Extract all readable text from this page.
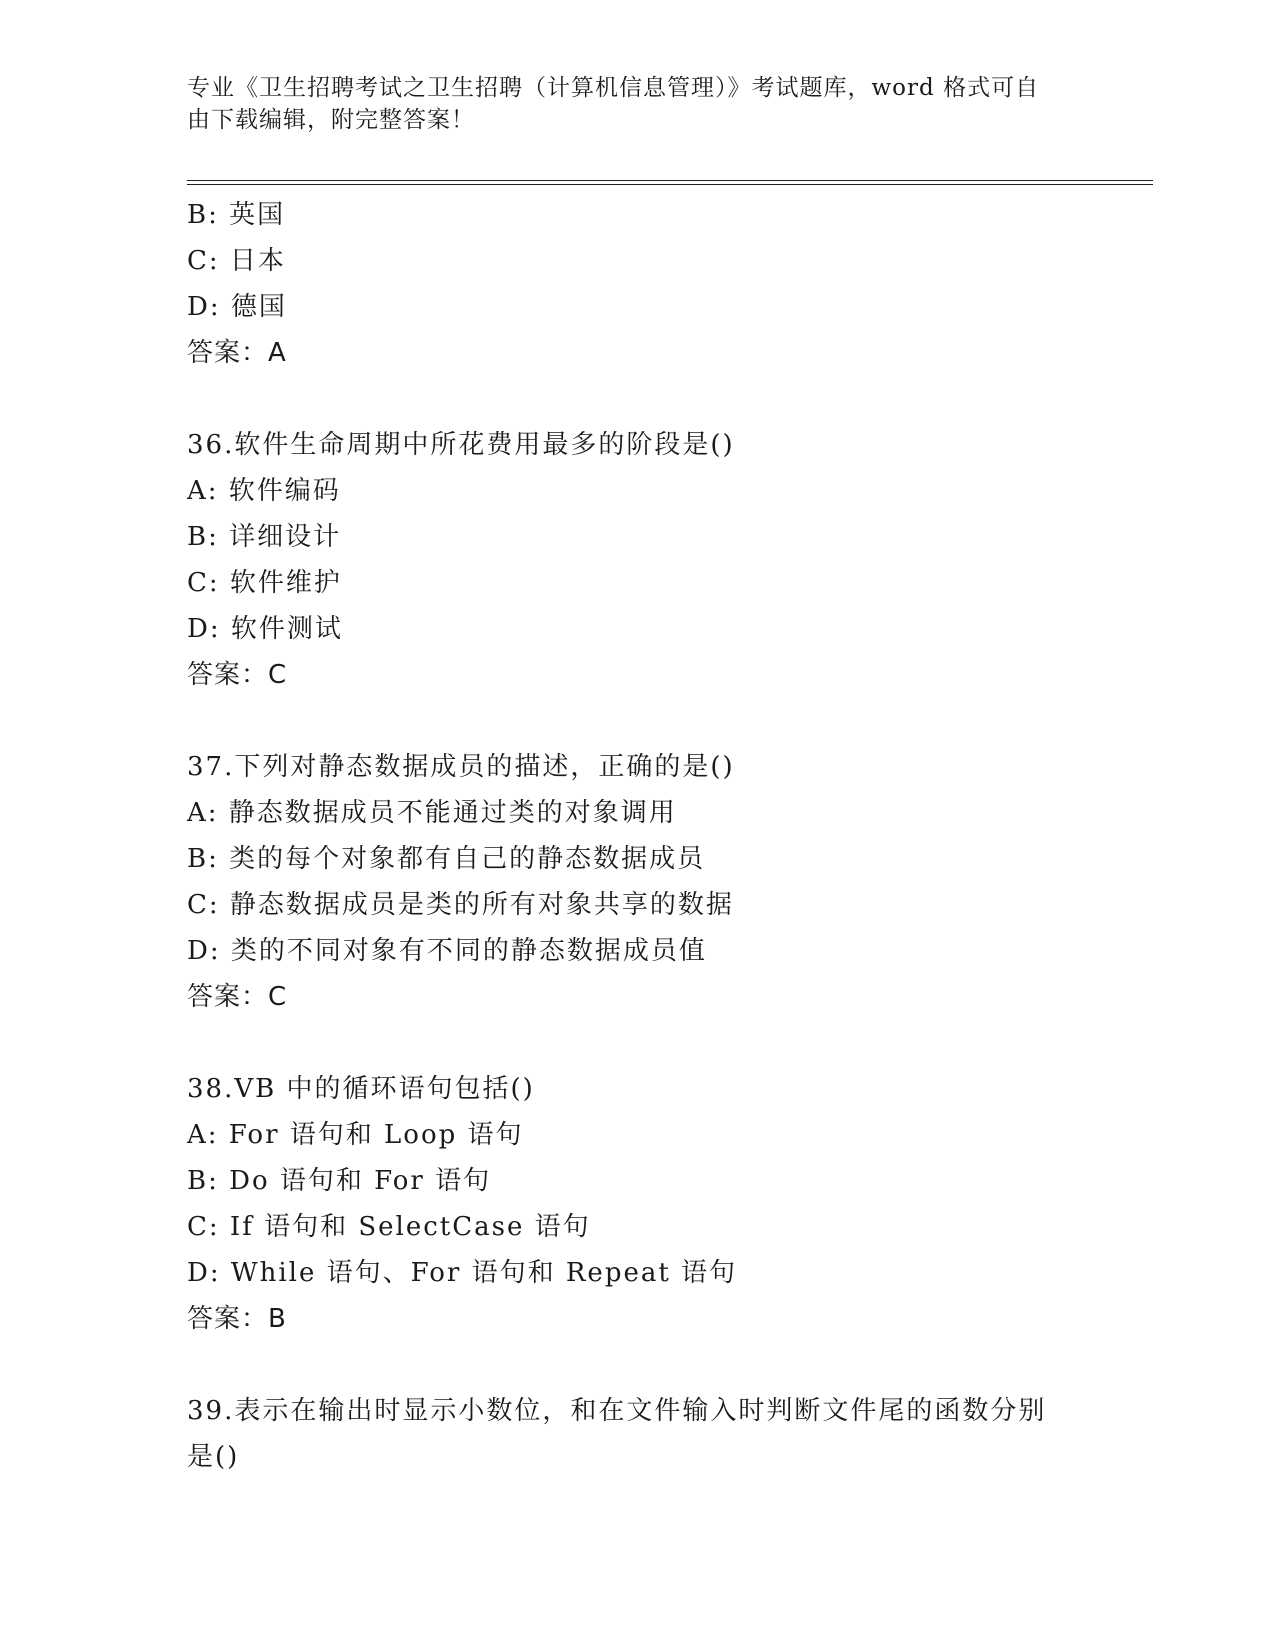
专业《卫生招聘考试之卫生招聘（计算机信息管理）》考试题库，word 格式可自
由下载编辑，附完整答案！
B: 英国
C: 日本
D: 德国
答案：A
36.软件生命周期中所花费用最多的阶段是()
A: 软件编码
B: 详细设计
C: 软件维护
D: 软件测试
答案：C
37.下列对静态数据成员的描述，正确的是()
A: 静态数据成员不能通过类的对象调用
B: 类的每个对象都有自己的静态数据成员
C: 静态数据成员是类的所有对象共享的数据
D: 类的不同对象有不同的静态数据成员值
答案：C
38.VB 中的循环语句包括()
A: For 语句和 Loop 语句
B: Do 语句和 For 语句
C: If 语句和 SelectCase 语句
D: While 语句、For 语句和 Repeat 语句
答案：B
39.表示在输出时显示小数位，和在文件输入时判断文件尾的函数分别
是()
